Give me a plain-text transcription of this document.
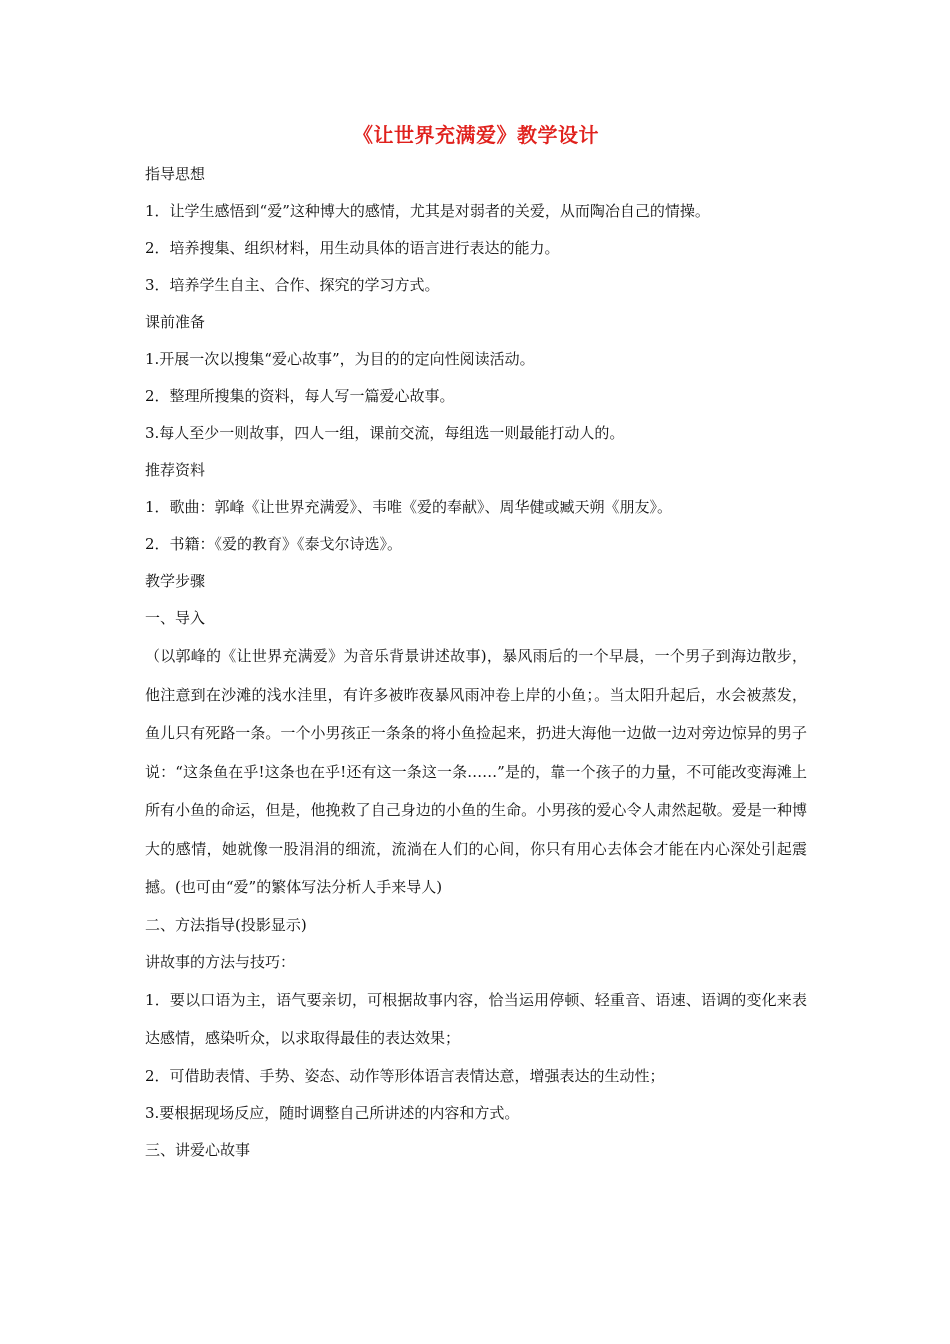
《让世界充满爱》教学设计

指导思想

1．让学生感悟到“爱”这种博大的感情，尤其是对弱者的关爱，从而陶冶自己的情操。

2．培养搜集、组织材料，用生动具体的语言进行表达的能力。

3．培养学生自主、合作、探究的学习方式。

课前准备

1.开展一次以搜集“爱心故事”，为目的的定向性阅读活动。

2．整理所搜集的资料，每人写一篇爱心故事。

3.每人至少一则故事，四人一组，课前交流，每组选一则最能打动人的。

推荐资料

1．歌曲：郭峰《让世界充满爱》、韦唯《爱的奉献》、周华健或臧天朔《朋友》。

2．书籍：《爱的教育》《泰戈尔诗选》。

教学步骤

一、导入

（以郭峰的《让世界充满爱》为音乐背景讲述故事)，暴风雨后的一个早晨，一个男子到海边散步，他注意到在沙滩的浅水洼里，有许多被昨夜暴风雨冲卷上岸的小鱼；。当太阳升起后，水会被蒸发，鱼儿只有死路一条。一个小男孩正一条条的将小鱼捡起来，扔进大海他一边做一边对旁边惊异的男子说：“这条鱼在乎!这条也在乎!还有这一条这一条……”是的，靠一个孩子的力量，不可能改变海滩上所有小鱼的命运，但是，他挽救了自己身边的小鱼的生命。小男孩的爱心令人肃然起敬。爱是一种博大的感情，她就像一股涓涓的细流，流淌在人们的心间，你只有用心去体会才能在内心深处引起震撼。(也可由“爱”的繁体写法分析人手来导人)

二、方法指导(投影显示)

讲故事的方法与技巧：

1．要以口语为主，语气要亲切，可根据故事内容，恰当运用停顿、轻重音、语速、语调的变化来表达感情，感染听众，以求取得最佳的表达效果；

2．可借助表情、手势、姿态、动作等形体语言表情达意，增强表达的生动性；

3.要根据现场反应，随时调整自己所讲述的内容和方式。

三、讲爱心故事
